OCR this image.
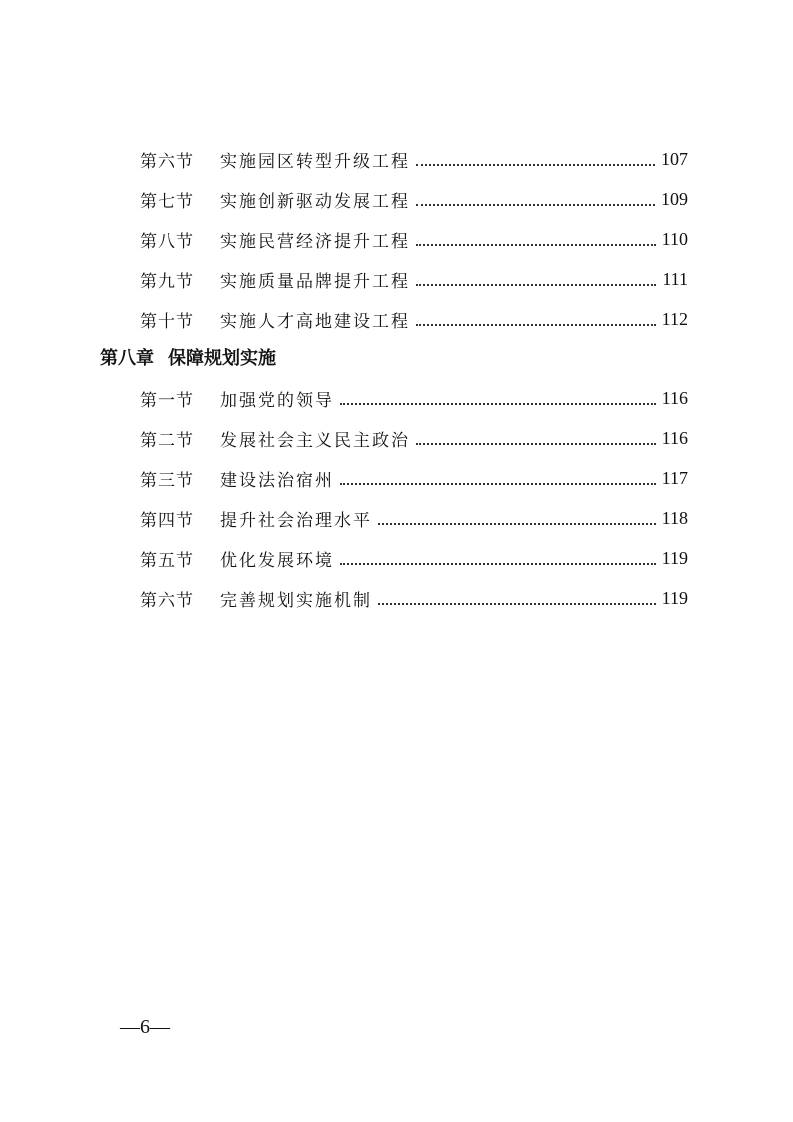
第六节	实施园区转型升级工程	107
第七节	实施创新驱动发展工程	109
第八节	实施民营经济提升工程	110
第九节	实施质量品牌提升工程	111
第十节	实施人才高地建设工程	112
第八章 保障规划实施
第一节	加强党的领导	116
第二节	发展社会主义民主政治	116
第三节	建设法治宿州	117
第四节	提升社会治理水平	118
第五节	优化发展环境	119
第六节	完善规划实施机制	119
—6—
